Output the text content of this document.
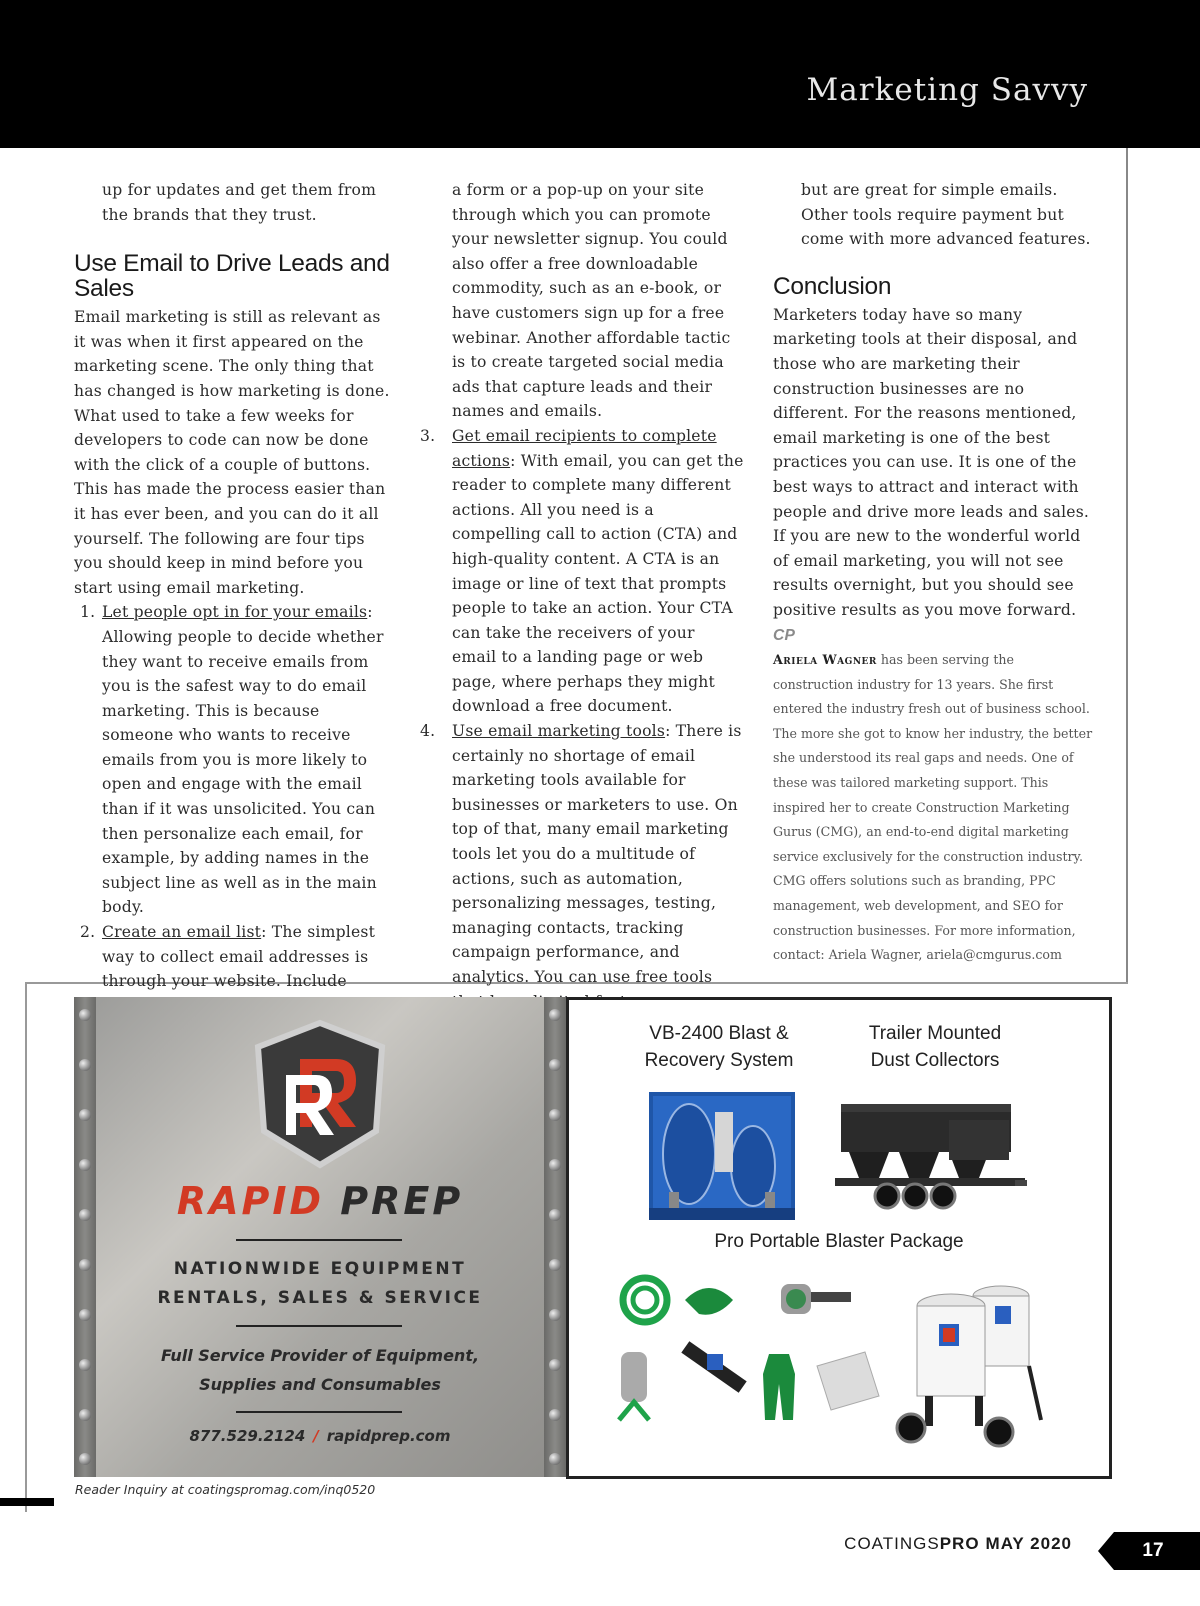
Marketing Savvy

up for updates and get them from the brands that they trust.

Use Email to Drive Leads and Sales

Email marketing is still as relevant as it was when it first appeared on the marketing scene. The only thing that has changed is how marketing is done. What used to take a few weeks for developers to code can now be done with the click of a couple of buttons. This has made the process easier than it has ever been, and you can do it all yourself. The following are four tips you should keep in mind before you start using email marketing.

1. Let people opt in for your emails: Allowing people to decide whether they want to receive emails from you is the safest way to do email marketing. This is because someone who wants to receive emails from you is more likely to open and engage with the email than if it was unsolicited. You can then personalize each email, for example, by adding names in the subject line as well as in the main body.
2. Create an email list: The simplest way to collect email addresses is through your website. Include

a form or a pop-up on your site through which you can promote your newsletter signup. You could also offer a free downloadable commodity, such as an e-book, or have customers sign up for a free webinar. Another affordable tactic is to create targeted social media ads that capture leads and their names and emails.

3. Get email recipients to complete actions: With email, you can get the reader to complete many different actions. All you need is a compelling call to action (CTA) and high-quality content. A CTA is an image or line of text that prompts people to take an action. Your CTA can take the receivers of your email to a landing page or web page, where perhaps they might download a free document.
4. Use email marketing tools: There is certainly no shortage of email marketing tools available for businesses or marketers to use. On top of that, many email marketing tools let you do a multitude of actions, such as automation, personalizing messages, testing, managing contacts, tracking campaign performance, and analytics. You can use free tools

but are great for simple emails. Other tools require payment but come with more advanced features.

Conclusion

Marketers today have so many marketing tools at their disposal, and those who are marketing their construction businesses are no different. For the reasons mentioned, email marketing is one of the best practices you can use. It is one of the best ways to attract and interact with people and drive more leads and sales. If you are new to the wonderful world of email marketing, you will not see results overnight, but you should see positive results as you move forward. CP

Ariela Wagner has been serving the construction industry for 13 years. She first entered the industry fresh out of business school. The more she got to know her industry, the better she understood its real gaps and needs. One of these was tailored marketing support. This inspired her to create Construction Marketing Gurus (CMG), an end-to-end digital marketing service exclusively for the construction industry. CMG offers solutions such as branding, PPC management, web development, and SEO for construction businesses. For more information, contact: Ariela Wagner, ariela@cmgurus.com

RAPID PREP
NATIONWIDE EQUIPMENT
RENTALS, SALES & SERVICE
Full Service Provider of Equipment,
Supplies and Consumables
877.529.2124 / rapidprep.com
VB-2400 Blast &
Recovery System
Trailer Mounted
Dust Collectors
Pro Portable Blaster Package
Reader Inquiry at coatingspromag.com/inq0520
COATINGSPRO MAY 2020	17
